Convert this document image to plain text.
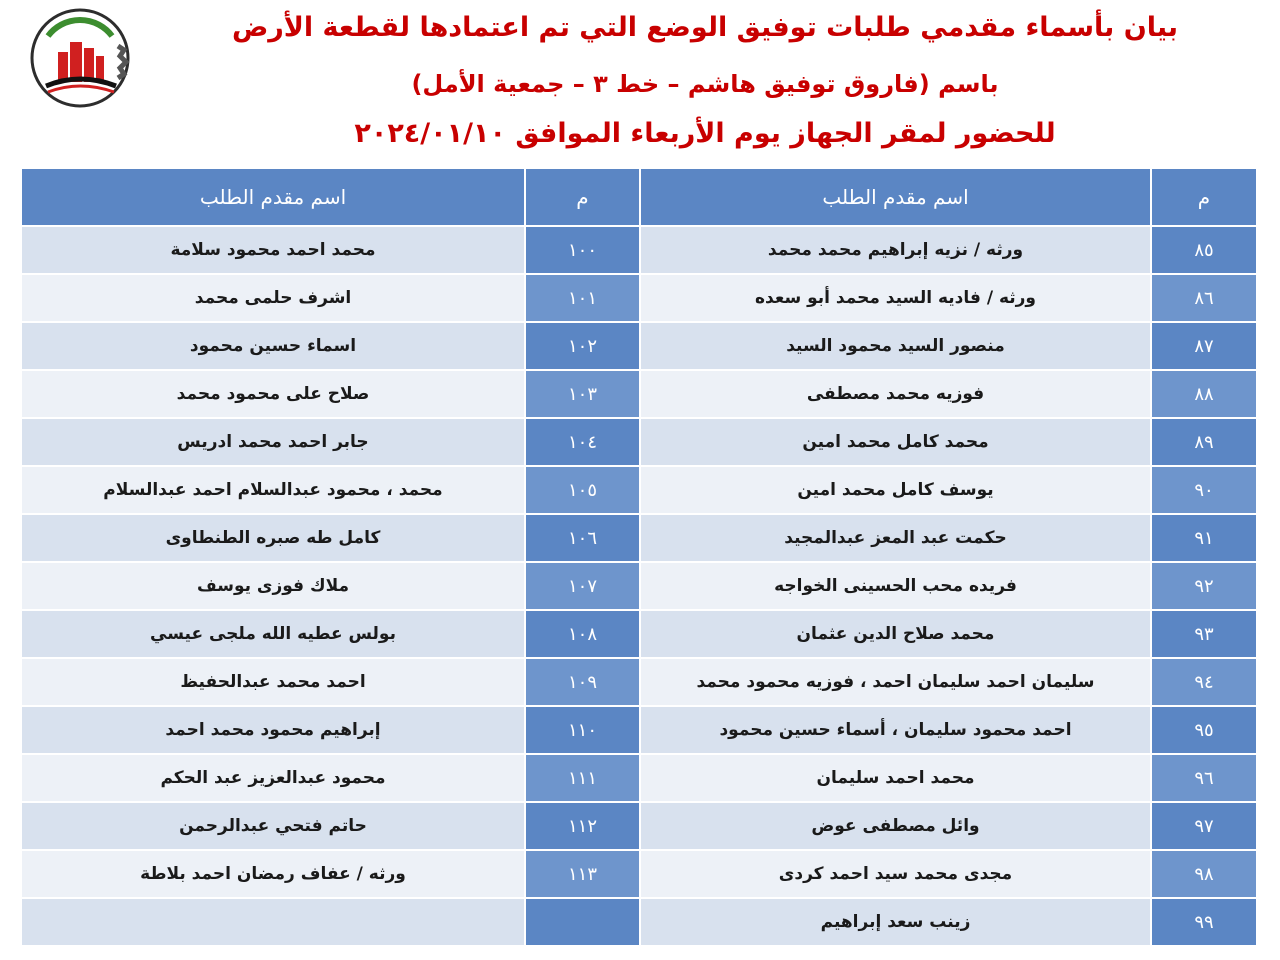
بيان بأسماء مقدمي طلبات توفيق الوضع التي تم اعتمادها لقطعة الأرض
باسم (فاروق توفيق هاشم – خط ٣ – جمعية الأمل)
للحضور لمقر الجهاز يوم الأربعاء الموافق ٢٠٢٤/٠١/١٠
م	اسم مقدم الطلب	م	اسم مقدم الطلب
٨٥	ورثه / نزيه إبراهيم محمد محمد	١٠٠	محمد احمد محمود سلامة
٨٦	ورثه / فاديه السيد محمد أبو سعده	١٠١	اشرف حلمى محمد
٨٧	منصور السيد محمود السيد	١٠٢	اسماء حسين محمود
٨٨	فوزيه محمد مصطفى	١٠٣	صلاح على محمود محمد
٨٩	محمد كامل محمد امين	١٠٤	جابر احمد محمد ادريس
٩٠	يوسف كامل محمد امين	١٠٥	محمد ، محمود عبدالسلام احمد عبدالسلام
٩١	حكمت عبد المعز عبدالمجيد	١٠٦	كامل طه صبره الطنطاوى
٩٢	فريده محب الحسينى الخواجه	١٠٧	ملاك فوزى يوسف
٩٣	محمد صلاح الدين عثمان	١٠٨	بولس عطيه الله ملجى عيسي
٩٤	سليمان احمد سليمان احمد ، فوزيه محمود محمد	١٠٩	احمد محمد عبدالحفيظ
٩٥	احمد محمود سليمان ، أسماء حسين محمود	١١٠	إبراهيم محمود محمد احمد
٩٦	محمد احمد سليمان	١١١	محمود عبدالعزيز عبد الحكم
٩٧	وائل مصطفى عوض	١١٢	حاتم فتحي عبدالرحمن
٩٨	مجدى محمد سيد احمد كردى	١١٣	ورثه / عفاف رمضان احمد بلاطة
٩٩	زينب سعد إبراهيم		
